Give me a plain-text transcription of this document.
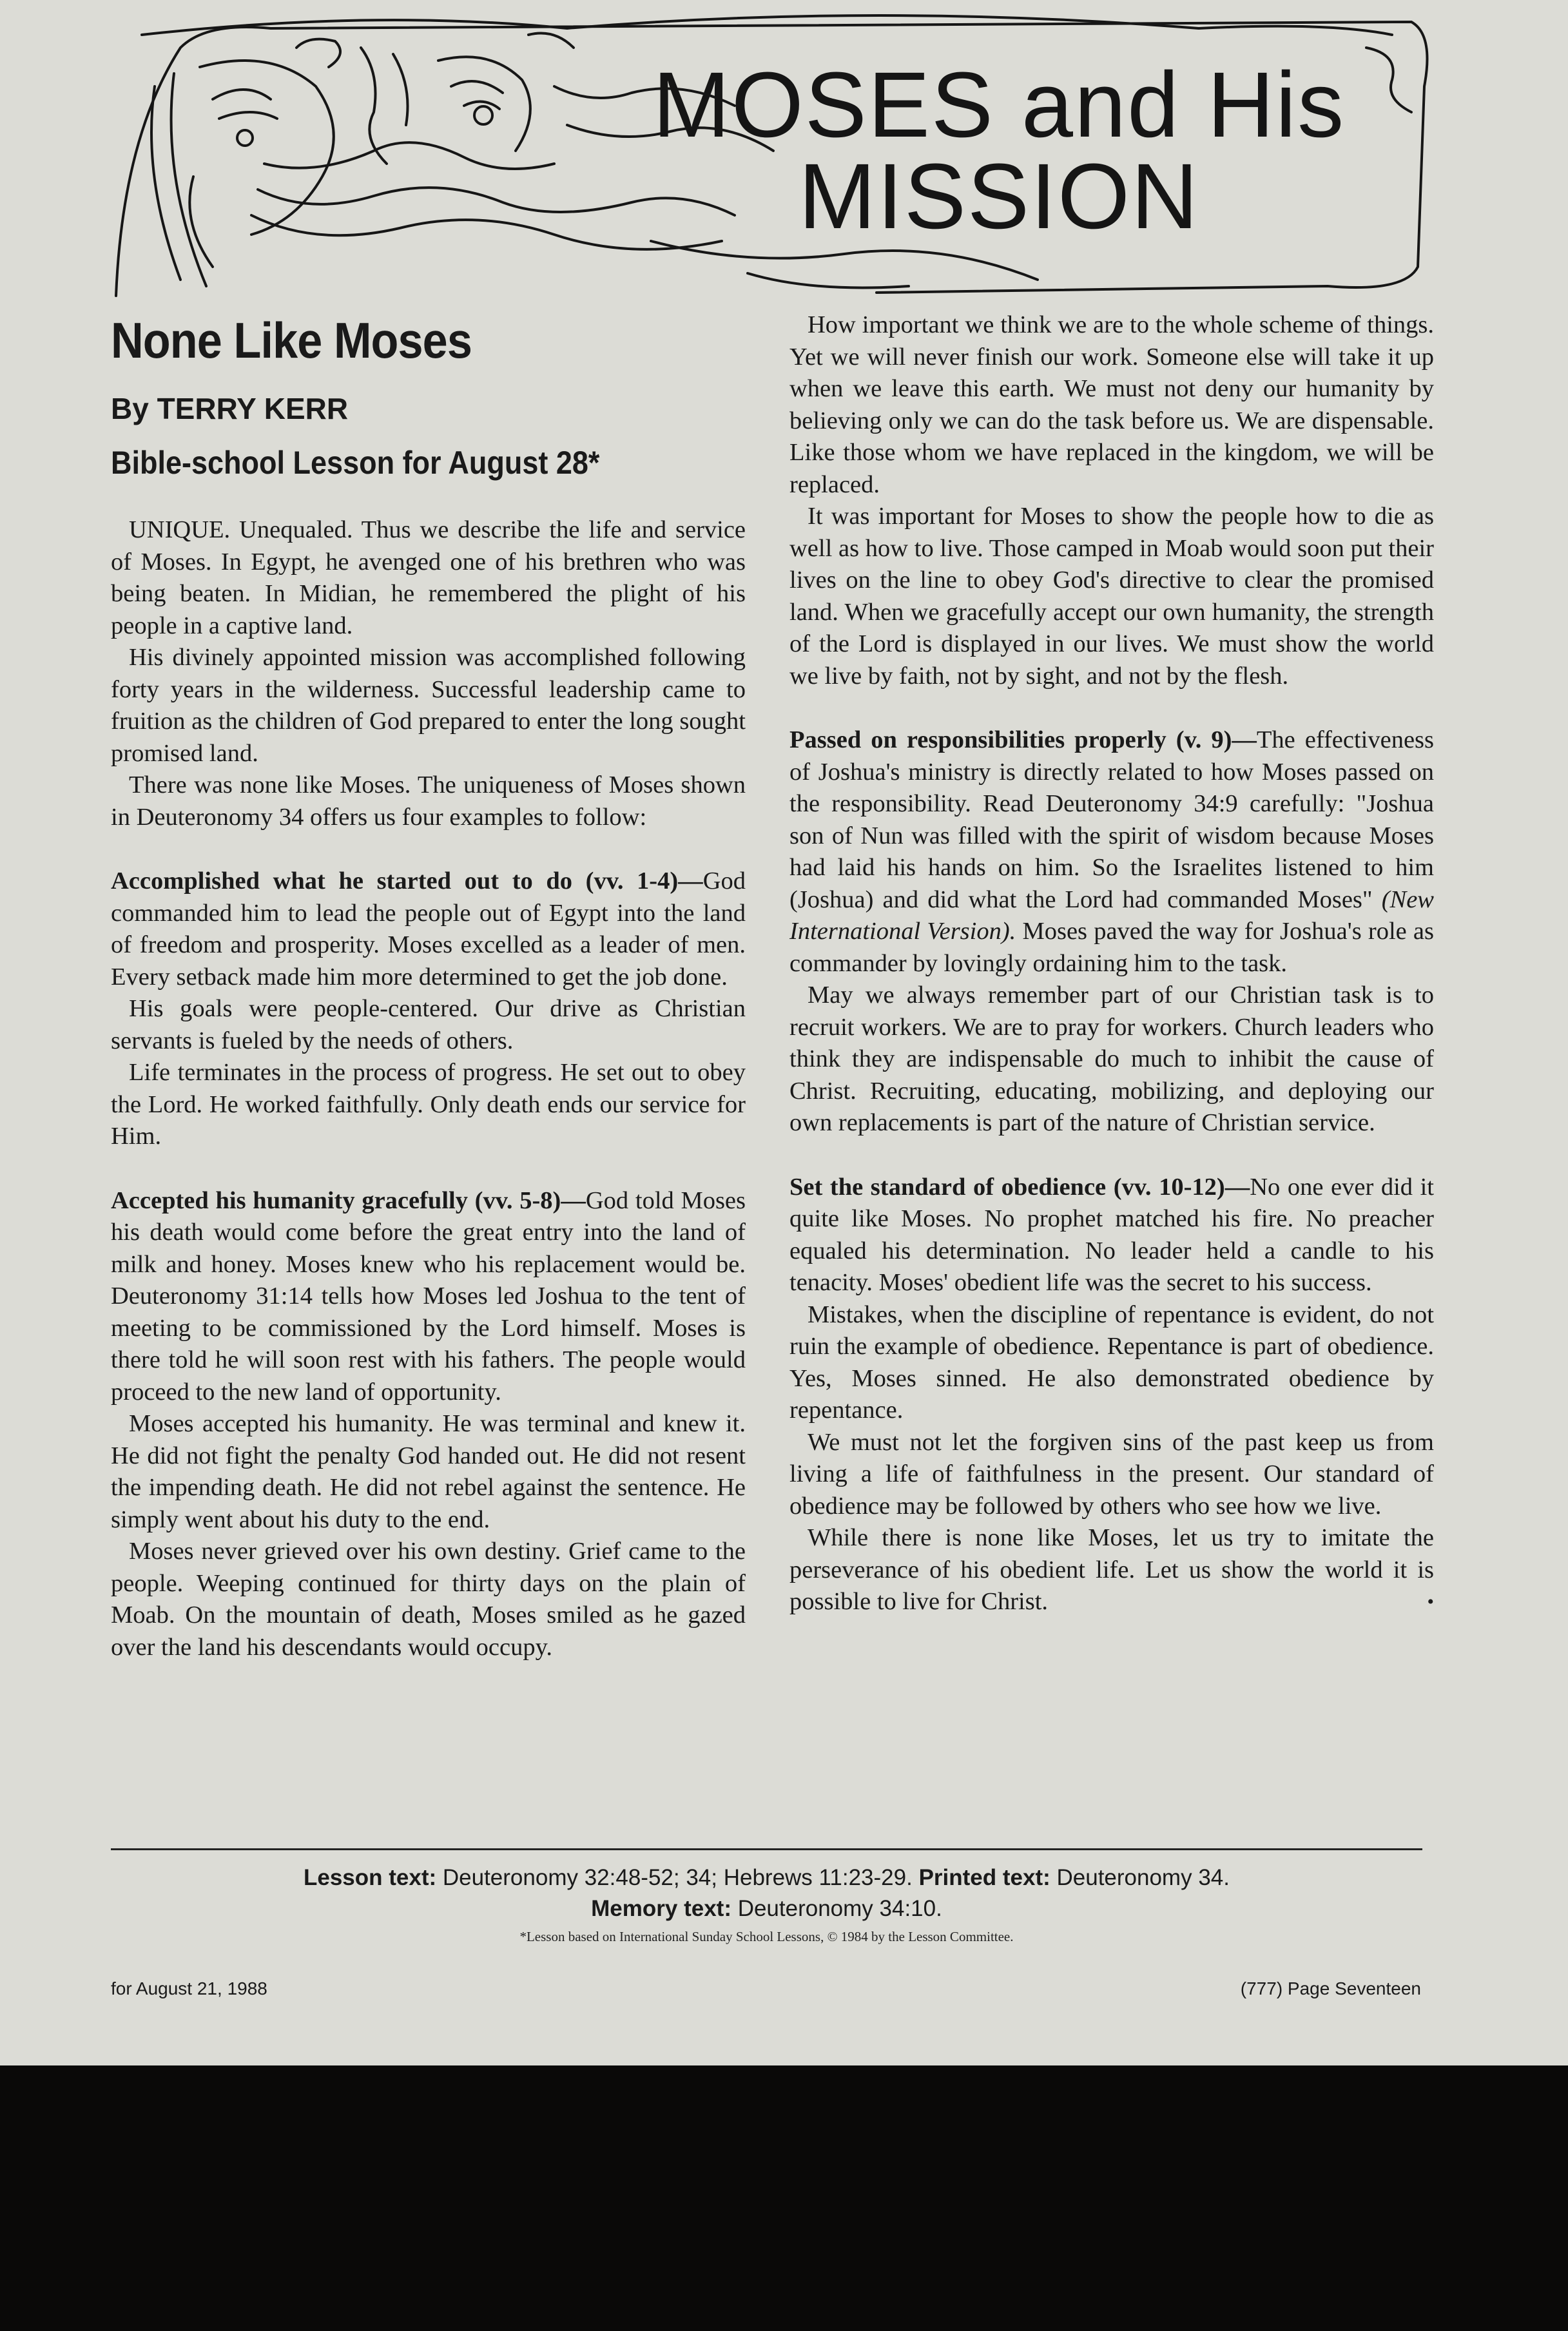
MOSES and His
MISSION
None Like Moses
By TERRY KERR
Bible-school Lesson for August 28*

UNIQUE. Unequaled. Thus we describe the life and service of Moses. In Egypt, he avenged one of his brethren who was being beaten. In Midian, he remembered the plight of his people in a captive land.

His divinely appointed mission was accomplished following forty years in the wilderness. Successful leadership came to fruition as the children of God prepared to enter the long sought promised land.

There was none like Moses. The uniqueness of Moses shown in Deuteronomy 34 offers us four examples to follow:

Accomplished what he started out to do (vv. 1-4)—God commanded him to lead the people out of Egypt into the land of freedom and prosperity. Moses excelled as a leader of men. Every setback made him more determined to get the job done.

His goals were people-centered. Our drive as Christian servants is fueled by the needs of others.

Life terminates in the process of progress. He set out to obey the Lord. He worked faithfully. Only death ends our service for Him.

Accepted his humanity gracefully (vv. 5-8)—God told Moses his death would come before the great entry into the land of milk and honey. Moses knew who his replacement would be. Deuteronomy 31:14 tells how Moses led Joshua to the tent of meeting to be commissioned by the Lord himself. Moses is there told he will soon rest with his fathers. The people would proceed to the new land of opportunity.

Moses accepted his humanity. He was terminal and knew it. He did not fight the penalty God handed out. He did not resent the impending death. He did not rebel against the sentence. He simply went about his duty to the end.

Moses never grieved over his own destiny. Grief came to the people. Weeping continued for thirty days on the plain of Moab. On the mountain of death, Moses smiled as he gazed over the land his descendants would occupy.

How important we think we are to the whole scheme of things. Yet we will never finish our work. Someone else will take it up when we leave this earth. We must not deny our humanity by believing only we can do the task before us. We are dispensable. Like those whom we have replaced in the kingdom, we will be replaced.

It was important for Moses to show the people how to die as well as how to live. Those camped in Moab would soon put their lives on the line to obey God's directive to clear the promised land. When we gracefully accept our own humanity, the strength of the Lord is displayed in our lives. We must show the world we live by faith, not by sight, and not by the flesh.

Passed on responsibilities properly (v. 9)—The effectiveness of Joshua's ministry is directly related to how Moses passed on the responsibility. Read Deuteronomy 34:9 carefully: "Joshua son of Nun was filled with the spirit of wisdom because Moses had laid his hands on him. So the Israelites listened to him (Joshua) and did what the Lord had commanded Moses" (New International Version). Moses paved the way for Joshua's role as commander by lovingly ordaining him to the task.

May we always remember part of our Christian task is to recruit workers. We are to pray for workers. Church leaders who think they are indispensable do much to inhibit the cause of Christ. Recruiting, educating, mobilizing, and deploying our own replacements is part of the nature of Christian service.

Set the standard of obedience (vv. 10-12)—No one ever did it quite like Moses. No prophet matched his fire. No preacher equaled his determination. No leader held a candle to his tenacity. Moses' obedient life was the secret to his success.

Mistakes, when the discipline of repentance is evident, do not ruin the example of obedience. Repentance is part of obedience. Yes, Moses sinned. He also demonstrated obedience by repentance.

We must not let the forgiven sins of the past keep us from living a life of faithfulness in the present. Our standard of obedience may be followed by others who see how we live.

While there is none like Moses, let us try to imitate the perseverance of his obedient life. Let us show the world it is possible to live for Christ.	•

Lesson text: Deuteronomy 32:48-52; 34; Hebrews 11:23-29. Printed text: Deuteronomy 34.
Memory text: Deuteronomy 34:10.
*Lesson based on International Sunday School Lessons, © 1984 by the Lesson Committee.
for August 21, 1988	(777) Page Seventeen
